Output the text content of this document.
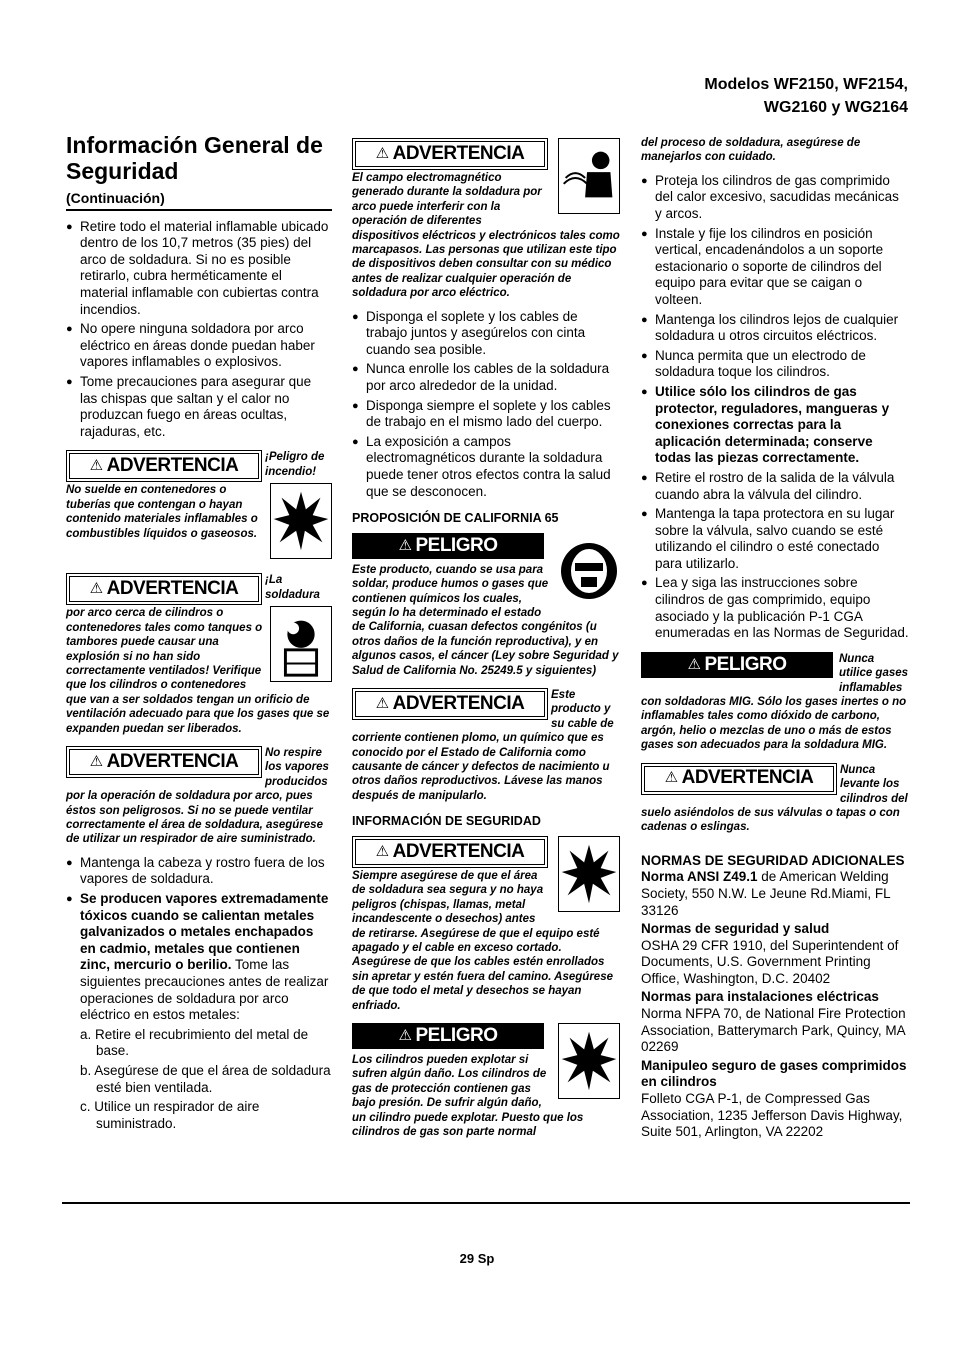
Modelos WF2150, WF2154,
WG2160 y WG2164
Información General de Seguridad
(Continuación)
● Retire todo el material inflamable ubicado dentro de los 10,7 metros (35 pies) del arco de soldadura. Si no es posible retirarlo, cubra herméticamente el material inflamable con cubiertas contra incendios.
● No opere ninguna soldadora por arco eléctrico en áreas donde puedan haber vapores inflamables o explosivos.
● Tome precauciones para asegurar que las chispas que saltan y el calor no produzcan fuego en áreas ocultas, rajaduras, etc.
⚠ ADVERTENCIA ¡Peligro de incendio! No suelde en contenedores o tuberías que contengan o hayan contenido materiales inflamables o combustibles líquidos o gaseosos.
⚠ ADVERTENCIA ¡La soldadura por arco cerca de cilindros o contenedores tales como tanques o tambores puede causar una explosión si no han sido correctamente ventilados! Verifique que los cilindros o contenedores que van a ser soldados tengan un orificio de ventilación adecuado para que los gases que se expanden puedan ser liberados.
⚠ ADVERTENCIA No respire los vapores producidos por la operación de soldadura por arco, pues éstos son peligrosos. Si no se puede ventilar correctamente el área de soldadura, asegúrese de utilizar un respirador de aire suministrado.
● Mantenga la cabeza y rostro fuera de los vapores de soldadura.
● Se producen vapores extremadamente tóxicos cuando se calientan metales galvanizados o metales enchapados en cadmio, metales que contienen zinc, mercurio o berilio. Tome las siguientes precauciones antes de realizar operaciones de soldadura por arco eléctrico en estos metales:
a. Retire el recubrimiento del metal de base.
b. Asegúrese de que el área de soldadura esté bien ventilada.
c. Utilice un respirador de aire suministrado.
⚠ ADVERTENCIA
El campo electromagnético generado durante la soldadura por arco puede interferir con la operación de diferentes dispositivos eléctricos y electrónicos tales como marcapasos. Las personas que utilizan este tipo de dispositivos deben consultar con su médico antes de realizar cualquier operación de soldadura por arco eléctrico.
● Disponga el soplete y los cables de trabajo juntos y asegúrelos con cinta cuando sea posible.
● Nunca enrolle los cables de la soldadura por arco alrededor de la unidad.
● Disponga siempre el soplete y los cables de trabajo en el mismo lado del cuerpo.
● La exposición a campos electromagnéticos durante la soldadura puede tener otros efectos contra la salud que se desconocen.
PROPOSICIÓN DE CALIFORNIA 65
⚠ PELIGRO
Este producto, cuando se usa para soldar, produce humos o gases que contienen químicos los cuales, según lo ha determinado el estado de California, cuasan defectos congénitos (u otros daños de la función reproductiva), y en algunos casos, el cáncer (Ley sobre Seguridad y Salud de California No. 25249.5 y siguientes)
⚠ ADVERTENCIA Este producto y su cable de corriente contienen plomo, un químico que es conocido por el Estado de California como causante de cáncer y defectos de nacimiento u otros daños reproductivos. Lávese las manos después de manipularlo.
INFORMACIÓN DE SEGURIDAD
⚠ ADVERTENCIA
Siempre asegúrese de que el área de soldadura sea segura y no haya peligros (chispas, llamas, metal incandescente o desechos) antes de retirarse. Asegúrese de que el equipo esté apagado y el cable en exceso cortado. Asegúrese de que los cables estén enrollados sin apretar y estén fuera del camino. Asegúrese de que todo el metal y desechos se hayan enfriado.
⚠ PELIGRO
Los cilindros pueden explotar si sufren algún daño. Los cilindros de gas de protección contienen gas bajo presión. De sufrir algún daño, un cilindro puede explotar. Puesto que los cilindros de gas son parte normal
del proceso de soldadura, asegúrese de manejarlos con cuidado.
● Proteja los cilindros de gas comprimido del calor excesivo, sacudidas mecánicas y arcos.
● Instale y fije los cilindros en posición vertical, encadenándolos a un soporte estacionario o soporte de cilindros del equipo para evitar que se caigan o volteen.
● Mantenga los cilindros lejos de cualquier soldadura u otros circuitos eléctricos.
● Nunca permita que un electrodo de soldadura toque los cilindros.
● Utilice sólo los cilindros de gas protector, reguladores, mangueras y conexiones correctas para la aplicación determinada; conserve todas las piezas correctamente.
● Retire el rostro de la salida de la válvula cuando abra la válvula del cilindro.
● Mantenga la tapa protectora en su lugar sobre la válvula, salvo cuando se esté utilizando el cilindro o esté conectado para utilizarlo.
● Lea y siga las instrucciones sobre cilindros de gas comprimido, equipo asociado y la publicación P-1 CGA enumeradas en las Normas de Seguridad.
⚠ PELIGRO	Nunca utilice gases inflamables con soldadoras MIG. Sólo los gases inertes o no inflamables tales como dióxido de carbono, argón, helio o mezclas de uno o más de estos gases son adecuados para la soldadura MIG.
⚠ ADVERTENCIA Nunca levante los cilindros del suelo asiéndolos de sus válvulas o tapas o con cadenas o eslingas.

NORMAS DE SEGURIDAD ADICIONALES

Norma ANSI Z49.1 de American Welding Society, 550 N.W. Le Jeune Rd.Miami, FL 33126

Normas de seguridad y salud

OSHA 29 CFR 1910, del Superintendent of Documents, U.S. Government Printing Office, Washington, D.C. 20402

Normas para instalaciones eléctricas

Norma NFPA 70, de National Fire Protection Association, Batterymarch Park, Quincy, MA 02269

Manipuleo seguro de gases comprimidos en cilindros

Folleto CGA P-1, de Compressed Gas Association, 1235 Jefferson Davis Highway, Suite 501, Arlington, VA 22202

29 Sp
